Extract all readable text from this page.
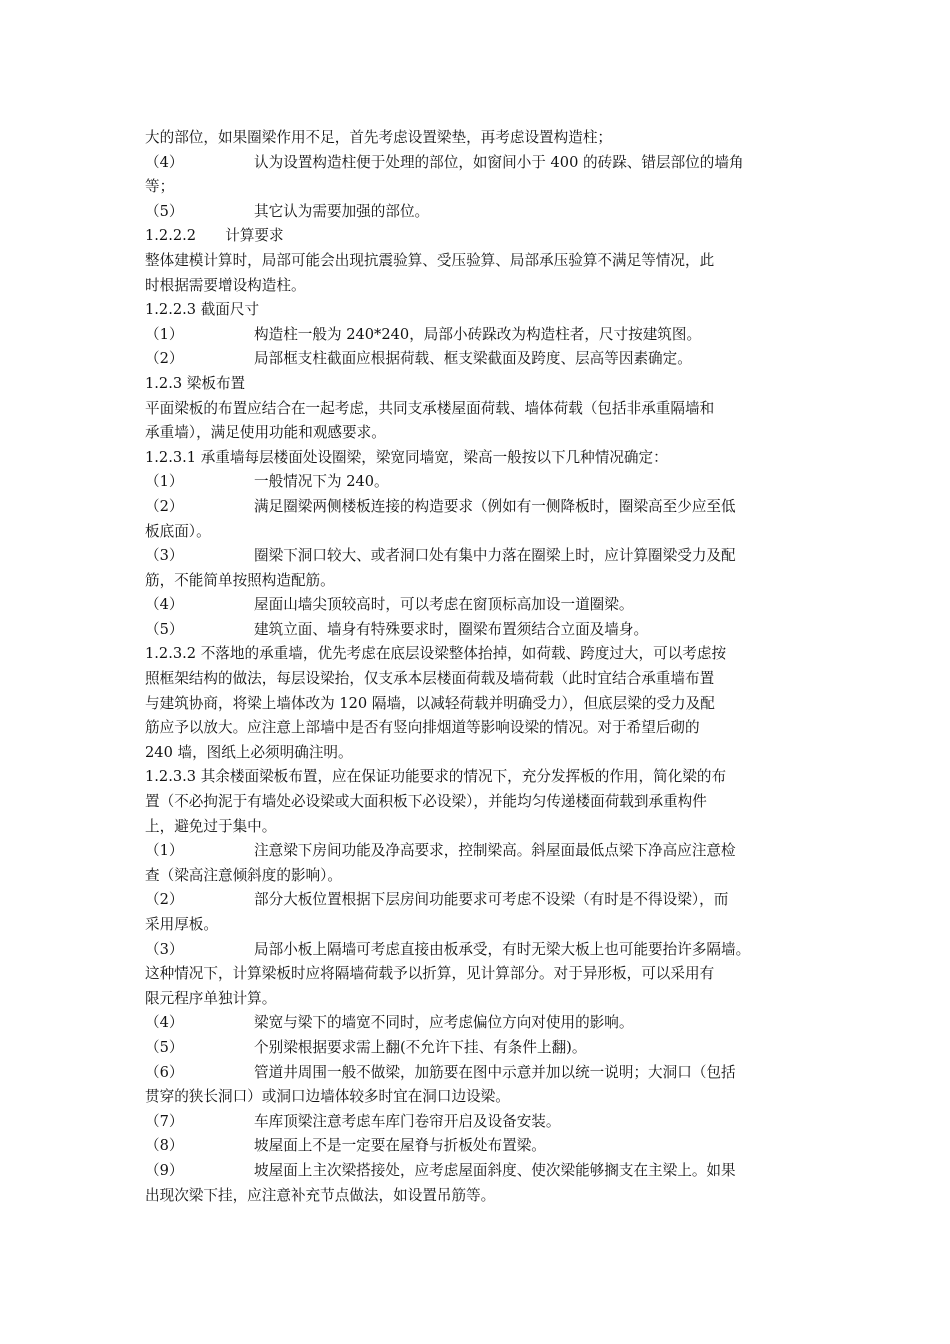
大的部位，如果圈梁作用不足，首先考虑设置梁垫，再考虑设置构造柱；
（4）	认为设置构造柱便于处理的部位，如窗间小于 400 的砖跺、错层部位的墙角
等；
（5）	其它认为需要加强的部位。
1.2.2.2　　计算要求
整体建模计算时，局部可能会出现抗震验算、受压验算、局部承压验算不满足等情况，此
时根据需要增设构造柱。
1.2.2.3 截面尺寸
（1）	构造柱一般为 240*240，局部小砖跺改为构造柱者，尺寸按建筑图。
（2）	局部框支柱截面应根据荷载、框支梁截面及跨度、层高等因素确定。
1.2.3 梁板布置
平面梁板的布置应结合在一起考虑，共同支承楼屋面荷载、墙体荷载（包括非承重隔墙和
承重墙），满足使用功能和观感要求。
1.2.3.1 承重墙每层楼面处设圈梁，梁宽同墙宽，梁高一般按以下几种情况确定：
（1）	一般情况下为 240。
（2）	满足圈梁两侧楼板连接的构造要求（例如有一侧降板时，圈梁高至少应至低
板底面）。
（3）	圈梁下洞口较大、或者洞口处有集中力落在圈梁上时，应计算圈梁受力及配
筋，不能简单按照构造配筋。
（4）	屋面山墙尖顶较高时，可以考虑在窗顶标高加设一道圈梁。
（5）	建筑立面、墙身有特殊要求时，圈梁布置须结合立面及墙身。
1.2.3.2 不落地的承重墙，优先考虑在底层设梁整体抬掉，如荷载、跨度过大，可以考虑按
照框架结构的做法，每层设梁抬，仅支承本层楼面荷载及墙荷载（此时宜结合承重墙布置
与建筑协商，将梁上墙体改为 120 隔墙，以减轻荷载并明确受力），但底层梁的受力及配
筋应予以放大。应注意上部墙中是否有竖向排烟道等影响设梁的情况。对于希望后砌的
240 墙，图纸上必须明确注明。
1.2.3.3 其余楼面梁板布置，应在保证功能要求的情况下，充分发挥板的作用，简化梁的布
置（不必拘泥于有墙处必设梁或大面积板下必设梁），并能均匀传递楼面荷载到承重构件
上，避免过于集中。
（1）	注意梁下房间功能及净高要求，控制梁高。斜屋面最低点梁下净高应注意检
查（梁高注意倾斜度的影响）。
（2）	部分大板位置根据下层房间功能要求可考虑不设梁（有时是不得设梁），而
采用厚板。
（3）	局部小板上隔墙可考虑直接由板承受，有时无梁大板上也可能要抬许多隔墙。
这种情况下，计算梁板时应将隔墙荷载予以折算，见计算部分。对于异形板，可以采用有
限元程序单独计算。
（4）	梁宽与梁下的墙宽不同时，应考虑偏位方向对使用的影响。
（5）	个别梁根据要求需上翻(不允许下挂、有条件上翻)。
（6）	管道井周围一般不做梁，加筋要在图中示意并加以统一说明；大洞口（包括
贯穿的狭长洞口）或洞口边墙体较多时宜在洞口边设梁。
（7）	车库顶梁注意考虑车库门卷帘开启及设备安装。
（8）	坡屋面上不是一定要在屋脊与折板处布置梁。
（9）	坡屋面上主次梁搭接处，应考虑屋面斜度、使次梁能够搁支在主梁上。如果
出现次梁下挂，应注意补充节点做法，如设置吊筋等。
